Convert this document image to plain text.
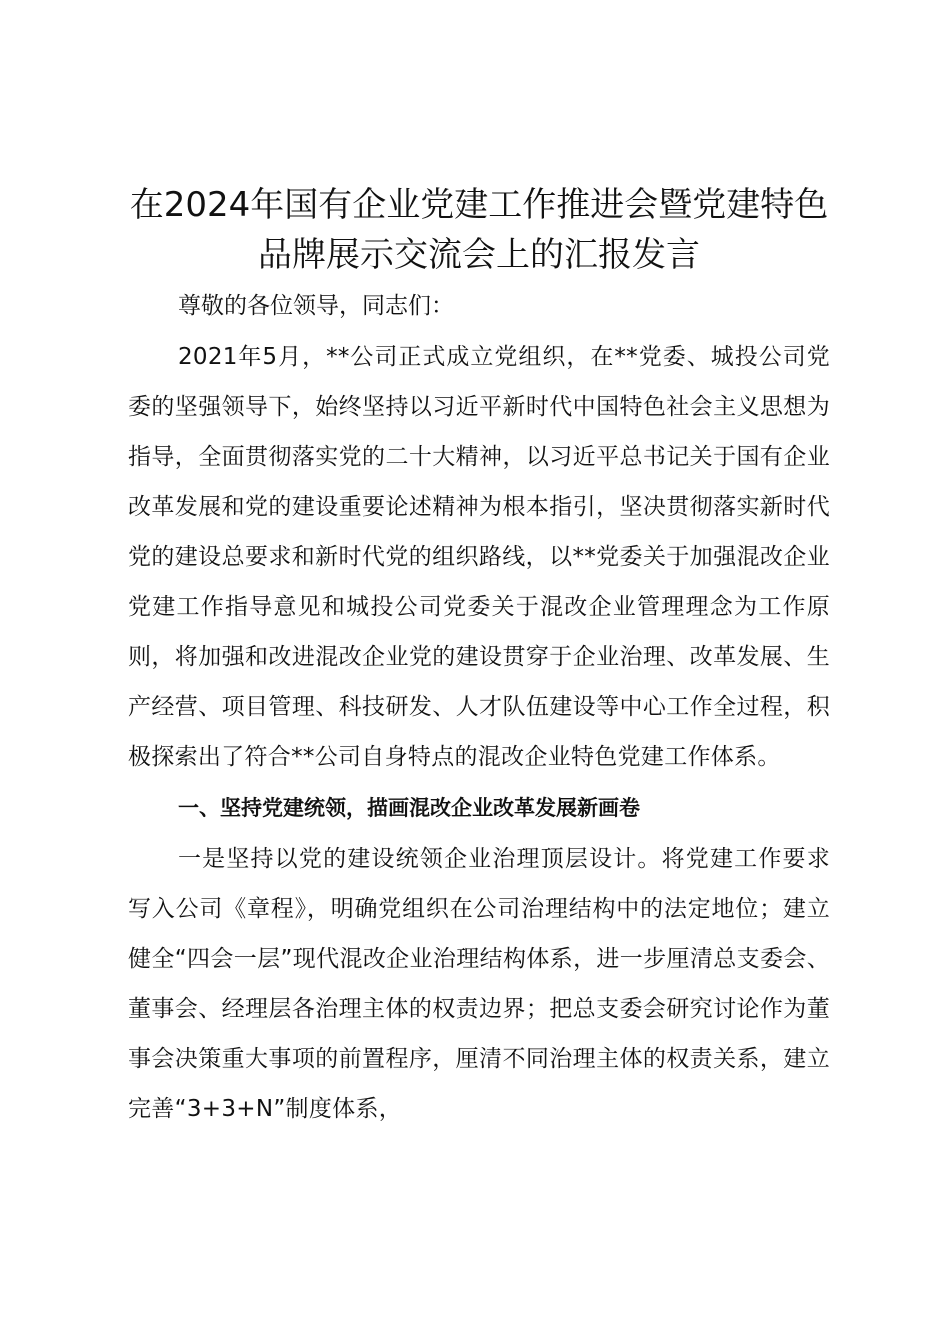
在2024年国有企业党建工作推进会暨党建特色品牌展示交流会上的汇报发言

尊敬的各位领导，同志们：

2021年5月，**公司正式成立党组织，在**党委、城投公司党委的坚强领导下，始终坚持以习近平新时代中国特色社会主义思想为指导，全面贯彻落实党的二十大精神，以习近平总书记关于国有企业改革发展和党的建设重要论述精神为根本指引，坚决贯彻落实新时代党的建设总要求和新时代党的组织路线，以**党委关于加强混改企业党建工作指导意见和城投公司党委关于混改企业管理理念为工作原则，将加强和改进混改企业党的建设贯穿于企业治理、改革发展、生产经营、项目管理、科技研发、人才队伍建设等中心工作全过程，积极探索出了符合**公司自身特点的混改企业特色党建工作体系。

一、坚持党建统领，描画混改企业改革发展新画卷

一是坚持以党的建设统领企业治理顶层设计。将党建工作要求写入公司《章程》，明确党组织在公司治理结构中的法定地位；建立健全“四会一层”现代混改企业治理结构体系，进一步厘清总支委会、董事会、经理层各治理主体的权责边界；把总支委会研究讨论作为董事会决策重大事项的前置程序，厘清不同治理主体的权责关系，建立完善“3+3+N”制度体系，
